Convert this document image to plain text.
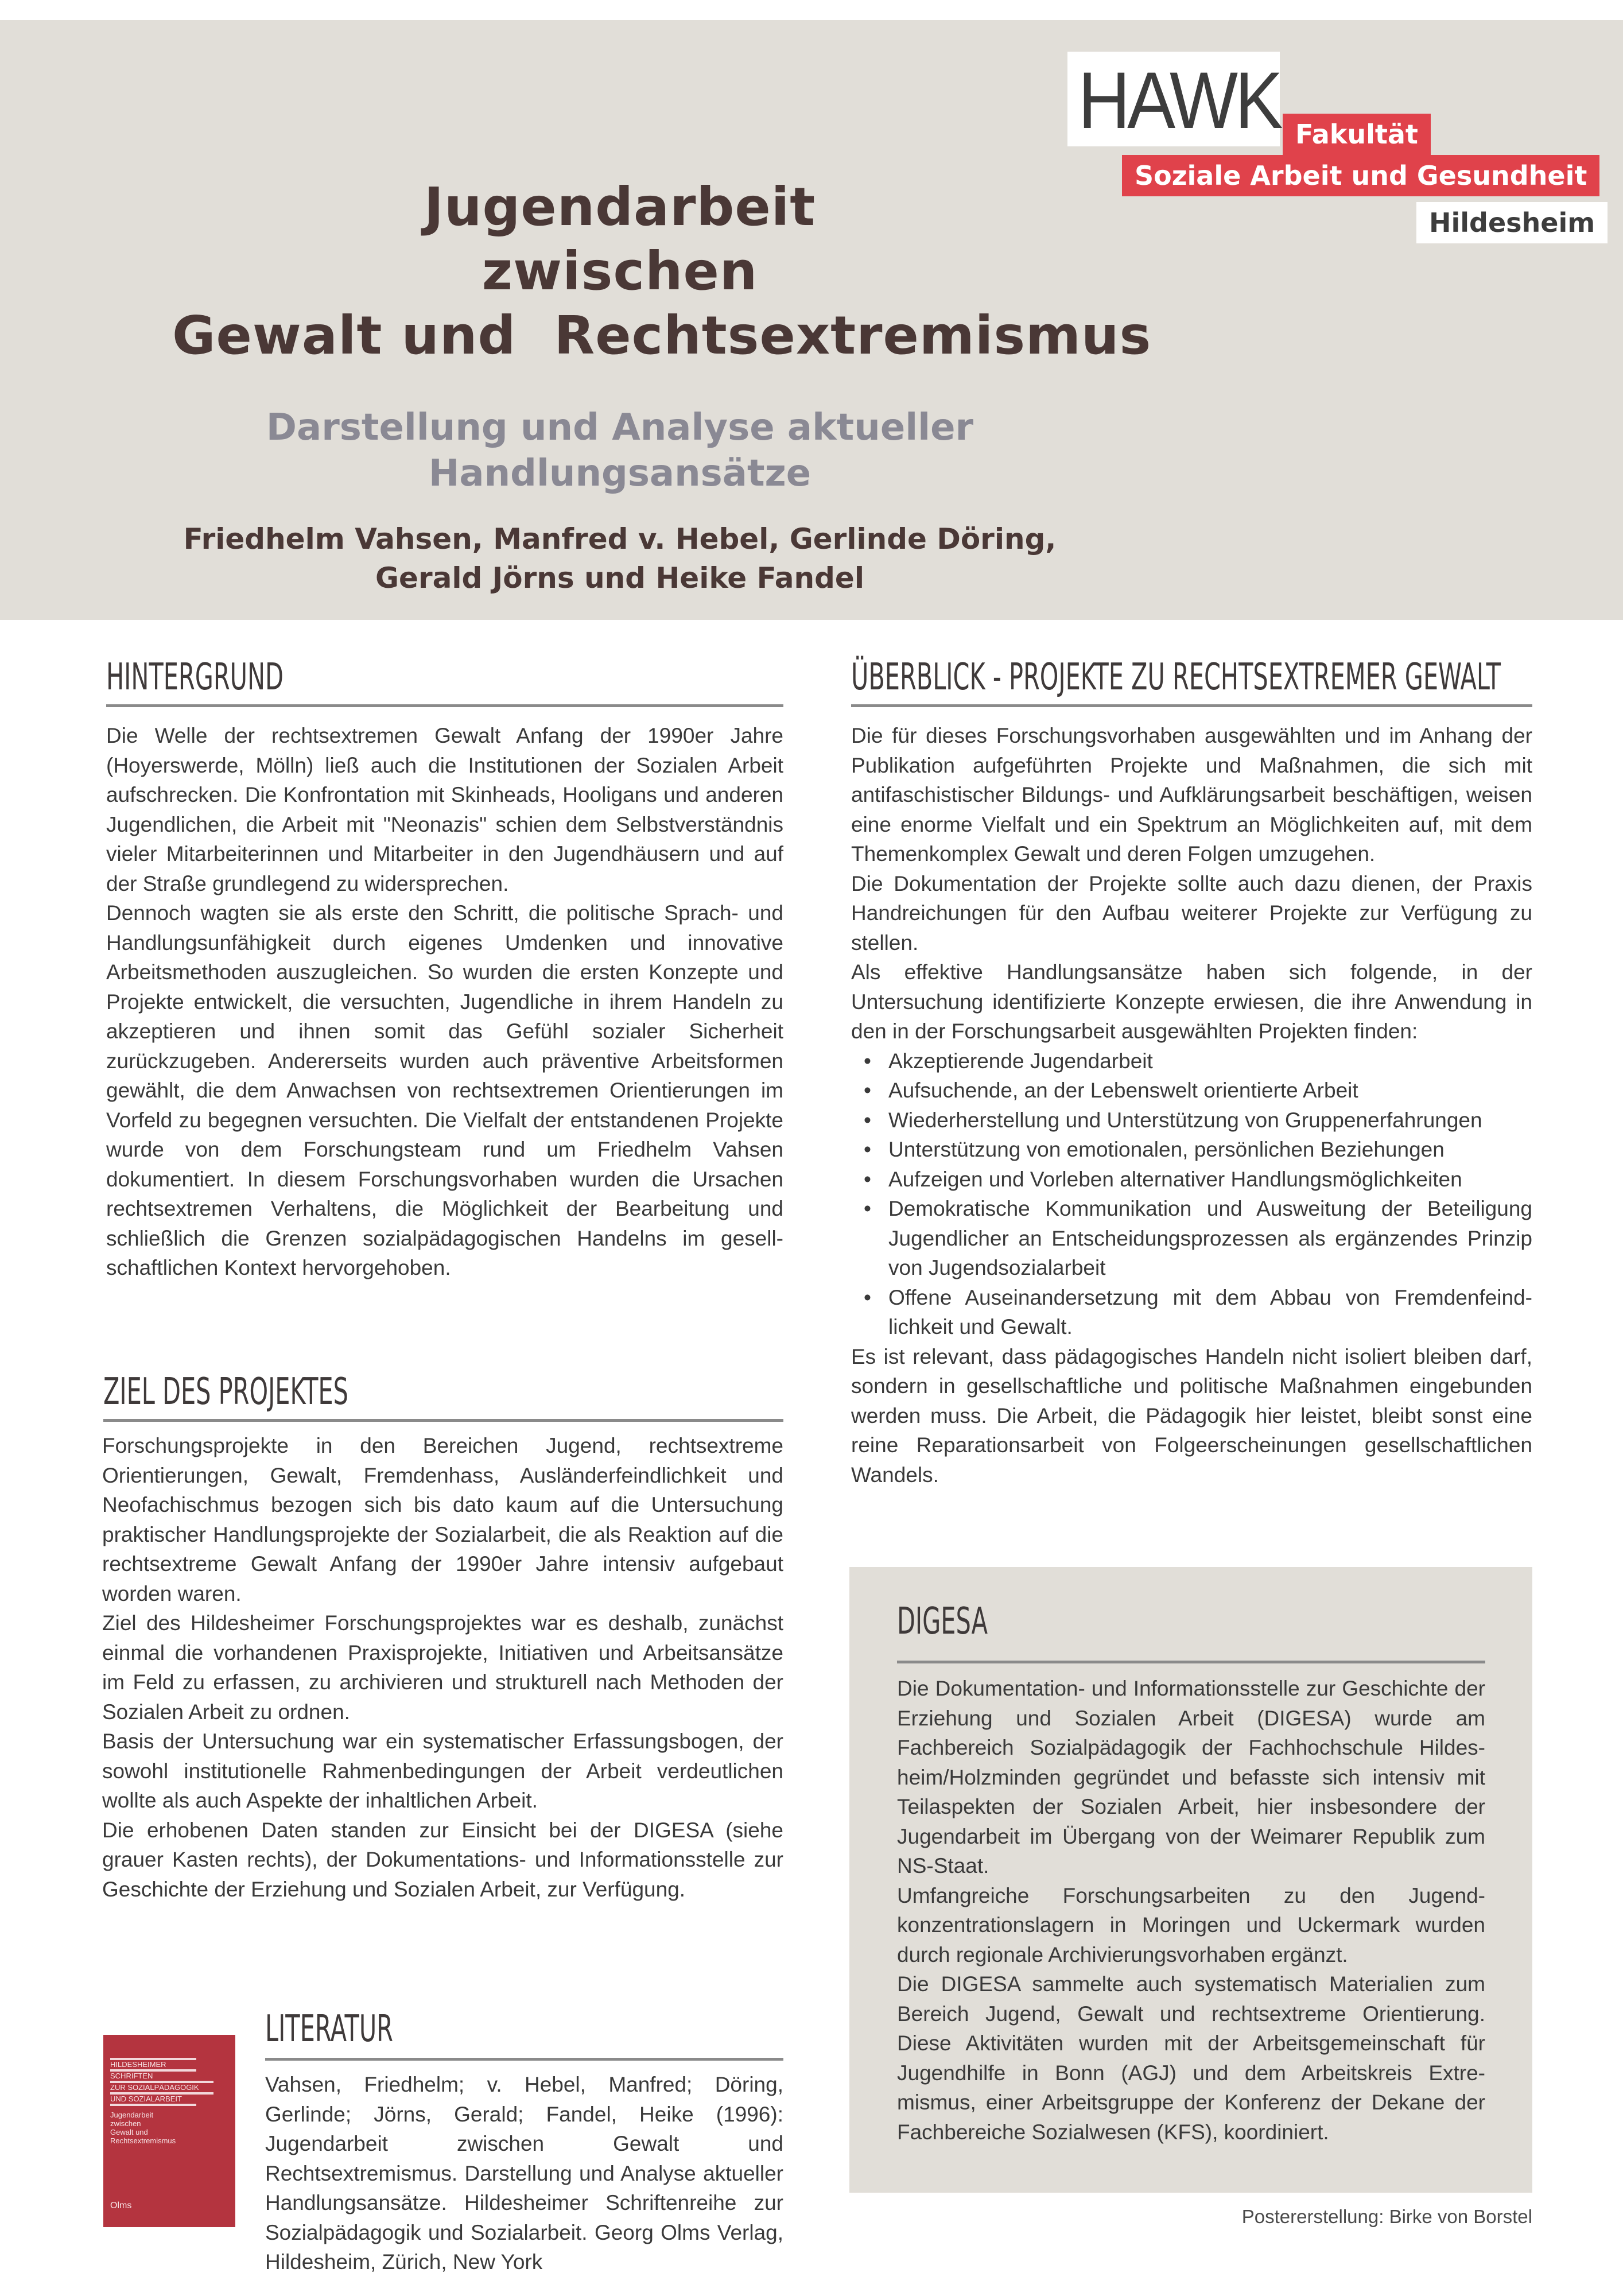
Jugendarbeit
zwischen
Gewalt und  Rechtsextremismus
Darstellung und Analyse aktueller Handlungsansätze
Friedhelm Vahsen, Manfred v. Hebel, Gerlinde Döring,
Gerald Jörns und Heike Fandel
HAWK Fakultät
Soziale Arbeit und Gesundheit
Hildesheim
HINTERGRUND

Die Welle der rechtsextremen Gewalt Anfang der 1990er Jahre (Hoyerswerde, Mölln) ließ auch die Institutionen der Sozialen Arbeit aufschrecken. Die Konfrontation mit Skinheads, Hooligans und anderen Jugendlichen, die Arbeit mit "Neonazis" schien dem Selbstverständnis vieler Mitarbeiterinnen und Mitarbeiter in den Jugendhäusern und auf der Straße grundlegend zu widersprechen.

Dennoch wagten sie als erste den Schritt, die politische Sprach- und Handlungsunfähigkeit durch eigenes Umdenken und innovative Arbeitsmethoden auszugleichen. So wurden die ersten Konzepte und Projekte entwickelt, die versuchten, Jugendliche in ihrem Handeln zu akzeptieren und ihnen somit das Gefühl sozialer Sicherheit zurückzugeben. Andererseits wurden auch präventive Arbeitsformen gewählt, die dem Anwachsen von rechtsextremen Orientierungen im Vorfeld zu begegnen versuchten. Die Vielfalt der entstandenen Projekte wurde von dem Forschungsteam rund um Friedhelm Vahsen dokumentiert. In diesem Forschungsvorhaben wurden die Ursachen rechtsextremen Verhaltens, die Möglichkeit der Bearbeitung und schließlich die Grenzen sozialpädagogischen Handelns im gesell-schaftlichen Kontext hervorgehoben.

ZIEL DES PROJEKTES

Forschungsprojekte in den Bereichen Jugend, rechtsextreme Orientierungen, Gewalt, Fremdenhass, Ausländerfeindlichkeit und Neofachischmus bezogen sich bis dato kaum auf die Untersuchung praktischer Handlungsprojekte der Sozialarbeit, die als Reaktion auf die rechtsextreme Gewalt Anfang der 1990er Jahre intensiv aufgebaut worden waren.

Ziel des Hildesheimer Forschungsprojektes war es deshalb, zunächst einmal die vorhandenen Praxisprojekte, Initiativen und Arbeitsansätze im Feld zu erfassen, zu archivieren und strukturell nach Methoden der Sozialen Arbeit zu ordnen.

Basis der Untersuchung war ein systematischer Erfassungsbogen, der sowohl institutionelle Rahmenbedingungen der Arbeit verdeutlichen wollte als auch Aspekte der inhaltlichen Arbeit.

Die erhobenen Daten standen zur Einsicht bei der DIGESA (siehe grauer Kasten rechts), der Dokumentations- und Informationsstelle zur Geschichte der Erziehung und Sozialen Arbeit, zur Verfügung.

HILDESHEIMER
SCHRIFTEN
ZUR SOZIALPÄDAGOGIK
UND SOZIALARBEIT
Jugendarbeit
zwischen
Gewalt und
Rechtsextremismus
Olms
LITERATUR
Vahsen, Friedhelm; v. Hebel, Manfred; Döring, Gerlinde; Jörns, Gerald; Fandel, Heike (1996): Jugendarbeit zwischen Gewalt und Rechtsextremismus. Darstellung und Analyse aktueller Handlungsansätze. Hildesheimer Schriftenreihe zur Sozialpädagogik und Sozialarbeit. Georg Olms Verlag, Hildesheim, Zürich, New York
ÜBERBLICK - PROJEKTE ZU RECHTSEXTREMER GEWALT

Die für dieses Forschungsvorhaben ausgewählten und im Anhang der Publikation aufgeführten Projekte und Maßnahmen, die sich mit antifaschistischer Bildungs- und Aufklärungsarbeit beschäftigen, weisen eine enorme Vielfalt und ein Spektrum an Möglichkeiten auf, mit dem Themenkomplex Gewalt und deren Folgen umzugehen.

Die Dokumentation der Projekte sollte auch dazu dienen, der Praxis Handreichungen für den Aufbau weiterer Projekte zur Verfügung zu stellen.

Als effektive Handlungsansätze haben sich folgende, in der Untersuchung identifizierte Konzepte erwiesen, die ihre Anwendung in den in der Forschungsarbeit ausgewählten Projekten finden:

• Akzeptierende Jugendarbeit
• Aufsuchende, an der Lebenswelt orientierte Arbeit
• Wiederherstellung und Unterstützung von Gruppenerfahrungen
• Unterstützung von emotionalen, persönlichen Beziehungen
• Aufzeigen und Vorleben alternativer Handlungsmöglichkeiten
• Demokratische Kommunikation und Ausweitung der Beteiligung Jugendlicher an Entscheidungsprozessen als ergänzendes Prinzip von Jugendsozialarbeit
• Offene Auseinandersetzung mit dem Abbau von Fremdenfeind-lichkeit und Gewalt.

Es ist relevant, dass pädagogisches Handeln nicht isoliert bleiben darf, sondern in gesellschaftliche und politische Maßnahmen eingebunden werden muss. Die Arbeit, die Pädagogik hier leistet, bleibt sonst eine reine Reparationsarbeit von Folgeerscheinungen gesellschaftlichen Wandels.

DIGESA

Die Dokumentation- und Informationsstelle zur Geschichte der Erziehung und Sozialen Arbeit (DIGESA) wurde am Fachbereich Sozialpädagogik der Fachhochschule Hildes-heim/Holzminden gegründet und befasste sich intensiv mit Teilaspekten der Sozialen Arbeit, hier insbesondere der Jugendarbeit im Übergang von der Weimarer Republik zum NS-Staat.

Umfangreiche Forschungsarbeiten zu den Jugend-konzentrationslagern in Moringen und Uckermark wurden durch regionale Archivierungsvorhaben ergänzt.

Die DIGESA sammelte auch systematisch Materialien zum Bereich Jugend, Gewalt und rechtsextreme Orientierung. Diese Aktivitäten wurden mit der Arbeitsgemeinschaft für Jugendhilfe in Bonn (AGJ) und dem Arbeitskreis Extre-mismus, einer Arbeitsgruppe der Konferenz der Dekane der Fachbereiche Sozialwesen (KFS), koordiniert.

Postererstellung: Birke von Borstel
